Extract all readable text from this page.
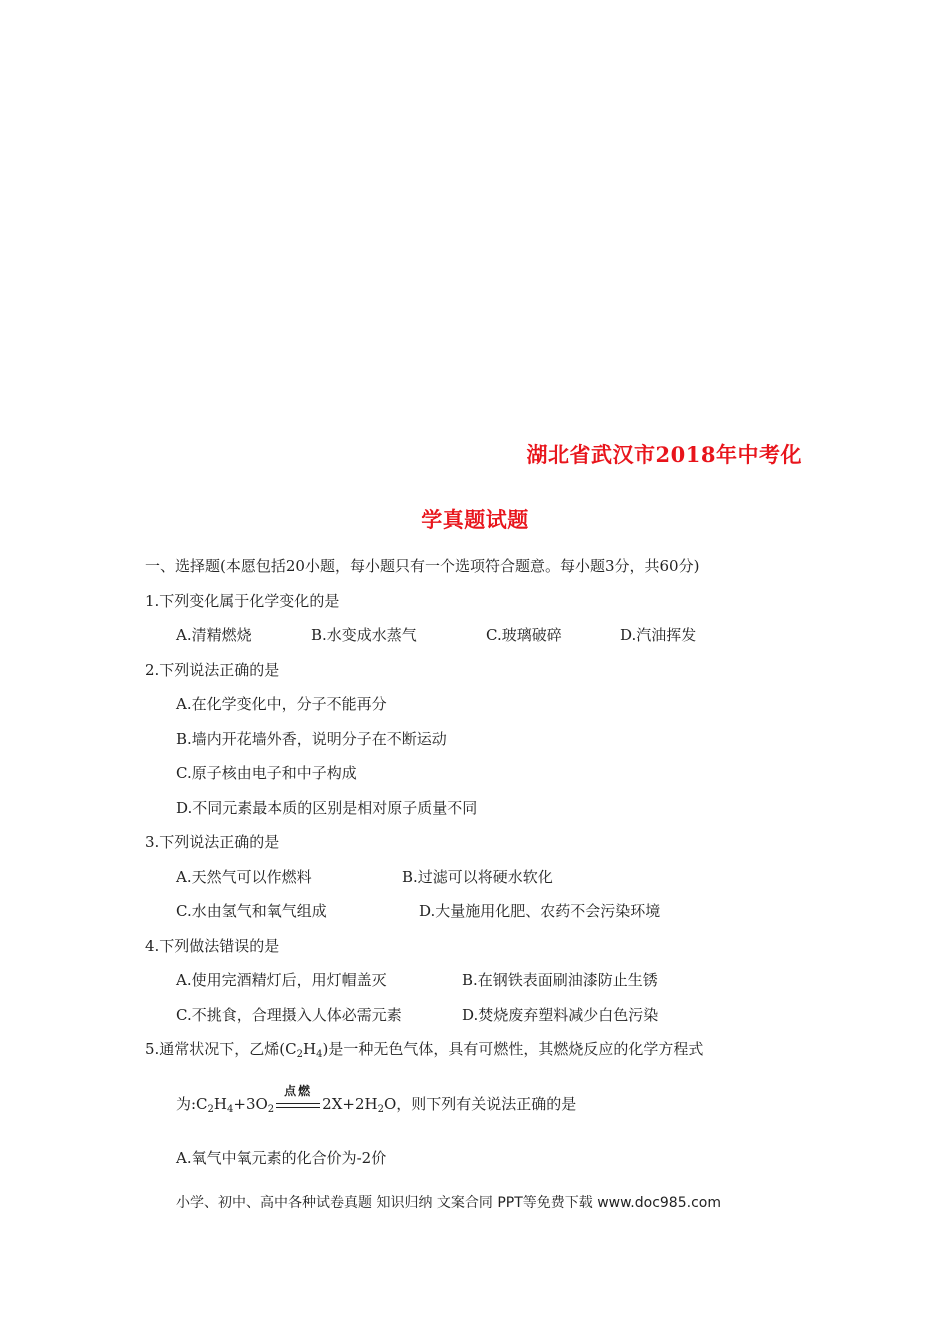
湖北省武汉市2018年中考化
学真题试题
一、选择题(本愿包括20小题，每小题只有一个选项符合题意。每小题3分，共60分)
1.下列变化属于化学变化的是
A.清精燃烧	B.水变成水蒸气	C.玻璃破碎	D.汽油挥发
2.下列说法正确的是
A.在化学变化中，分子不能再分
B.墙内开花墙外香，说明分子在不断运动
C.原子核由电子和中子构成
D.不同元素最本质的区别是相对原子质量不同
3.下列说法正确的是
A.天然气可以作燃料	B.过滤可以将硬水软化
C.水由氢气和氧气组成	D.大量施用化肥、农药不会污染环境
4.下列做法错误的是
A.使用完酒精灯后，用灯帽盖灭	B.在钢铁表面刷油漆防止生锈
C.不挑食，合理摄入人体必需元素	D.焚烧废弃塑料减少白色污染
5.通常状况下，乙烯$(C_2H_4)$是一种无色气体，具有可燃性，其燃烧反应的化学方程式
为$:C_2H_4+3O_2$
点燃
$2X+2H_2O$，则下列有关说法正确的是
A.氧气中氧元素的化合价为-2价
小学、初中、高中各种试卷真题 知识归纳 文案合同 PPT等免费下载 www.doc985.com
